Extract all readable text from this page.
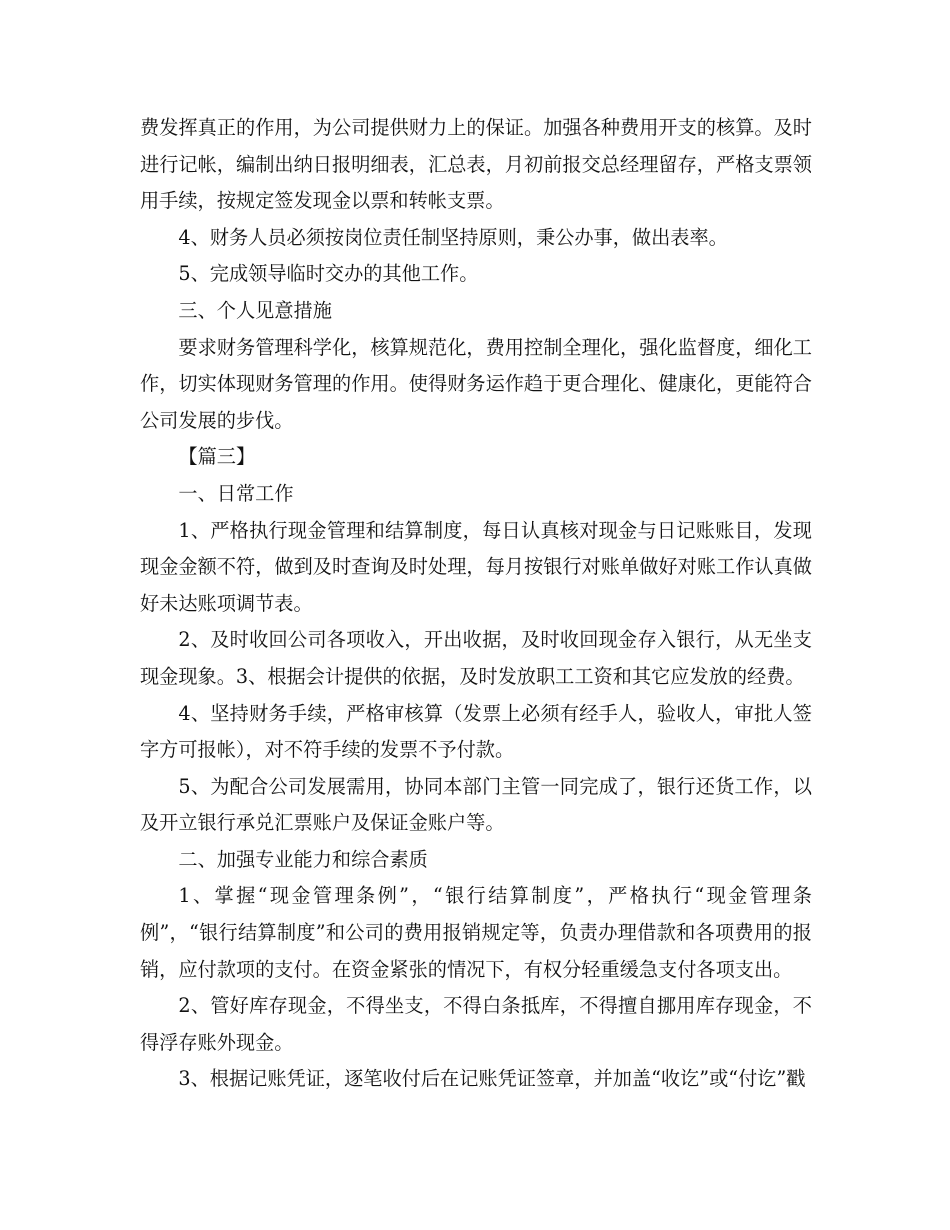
费发挥真正的作用，为公司提供财力上的保证。加强各种费用开支的核算。及时进行记帐，编制出纳日报明细表，汇总表，月初前报交总经理留存，严格支票领用手续，按规定签发现金以票和转帐支票。

4、财务人员必须按岗位责任制坚持原则，秉公办事，做出表率。

5、完成领导临时交办的其他工作。

三、个人见意措施

要求财务管理科学化，核算规范化，费用控制全理化，强化监督度，细化工作，切实体现财务管理的作用。使得财务运作趋于更合理化、健康化，更能符合公司发展的步伐。

【篇三】

一、日常工作

1、严格执行现金管理和结算制度，每日认真核对现金与日记账账目，发现现金金额不符，做到及时查询及时处理，每月按银行对账单做好对账工作认真做好未达账项调节表。

2、及时收回公司各项收入，开出收据，及时收回现金存入银行，从无坐支现金现象。3、根据会计提供的依据，及时发放职工工资和其它应发放的经费。

4、坚持财务手续，严格审核算（发票上必须有经手人，验收人，审批人签字方可报帐），对不符手续的发票不予付款。

5、为配合公司发展需用，协同本部门主管一同完成了，银行还货工作，以及开立银行承兑汇票账户及保证金账户等。

二、加强专业能力和综合素质

1、掌握“现金管理条例”，“银行结算制度”，严格执行“现金管理条例”，“银行结算制度”和公司的费用报销规定等，负责办理借款和各项费用的报销，应付款项的支付。在资金紧张的情况下，有权分轻重缓急支付各项支出。

2、管好库存现金，不得坐支，不得白条抵库，不得擅自挪用库存现金，不得浮存账外现金。

3、根据记账凭证，逐笔收付后在记账凭证签章，并加盖“收讫”或“付讫”戳
